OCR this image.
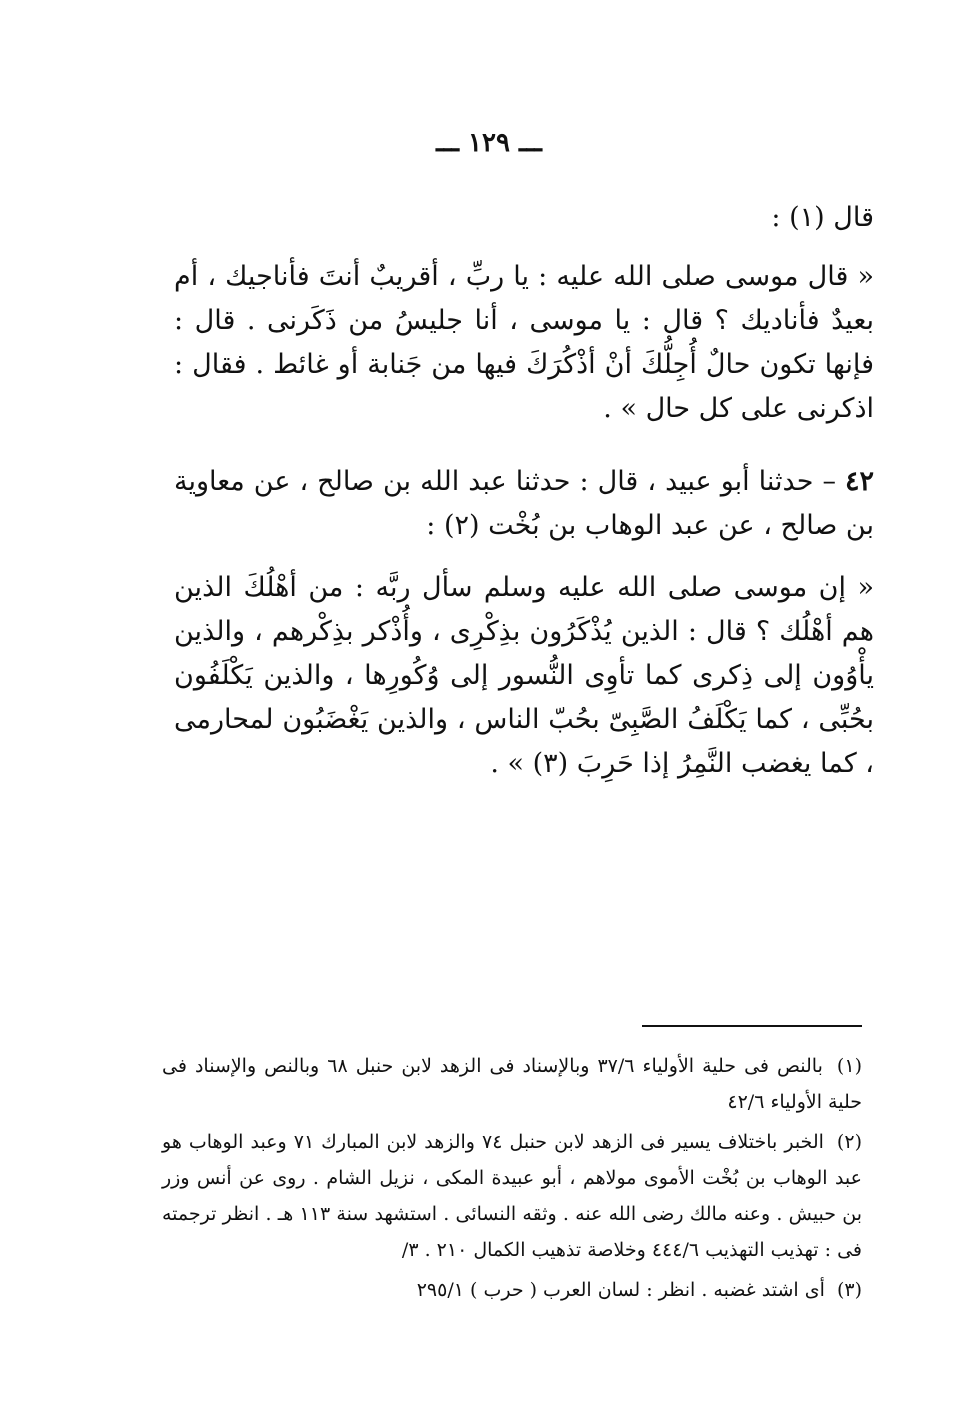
ـــ ١٢٩ ـــ
قال (١) :
« قال موسى صلى الله عليه : يا ربِّ ، أقريبٌ أنتَ فأناجيك ، أم بعيدٌ فأناديك ؟ قال : يا موسى ، أنا جليسُ من ذَكَرنى . قال : فإنها تكون حالٌ أُجِلُّكَ أنْ أذْكُرَكَ فيها من جَنابة أو غائط . فقال : اذكرنى على كل حال » .
٤٢ – حدثنا أبو عبيد ، قال : حدثنا عبد الله بن صالح ، عن معاوية بن صالح ، عن عبد الوهاب بن بُخْت (٢) :
« إن موسى صلى الله عليه وسلم سأل ربَّه : من أهْلُكَ الذين هم أهْلُك ؟ قال : الذين يُذْكَرُون بذِكْرِى ، وأُذْكر بذِكْرهم ، والذين يأْوُون إلى ذِكرى كما تأوِى النُّسور إلى وُكُورِها ، والذين يَكْلَفُون بحُبِّى ، كما يَكْلَفُ الصَّبِىّ بحُبّ الناس ، والذين يَغْضَبُون لمحارمى ، كما يغضب النَّمِرُ إذا حَرِبَ (٣) » .

(١) بالنص فى حلية الأولياء ٣٧/٦ وبالإسناد فى الزهد لابن حنبل ٦٨ وبالنص والإسناد فى حلية الأولياء ٤٢/٦

(٢) الخبر باختلاف يسير فى الزهد لابن حنبل ٧٤ والزهد لابن المبارك ٧١ وعبد الوهاب هو عبد الوهاب بن بُخْت الأموى مولاهم ، أبو عبيدة المكى ، نزيل الشام . روى عن أنس وزر بن حبيش . وعنه مالك رضى الله عنه . وثقه النسائى . استشهد سنة ١١٣ هـ . انظر ترجمته فى : تهذيب التهذيب ٤٤٤/٦ وخلاصة تذهيب الكمال ٢١٠ . ٣/

(٣) أى اشتد غضبه . انظر : لسان العرب ( حرب ) ٢٩٥/١
